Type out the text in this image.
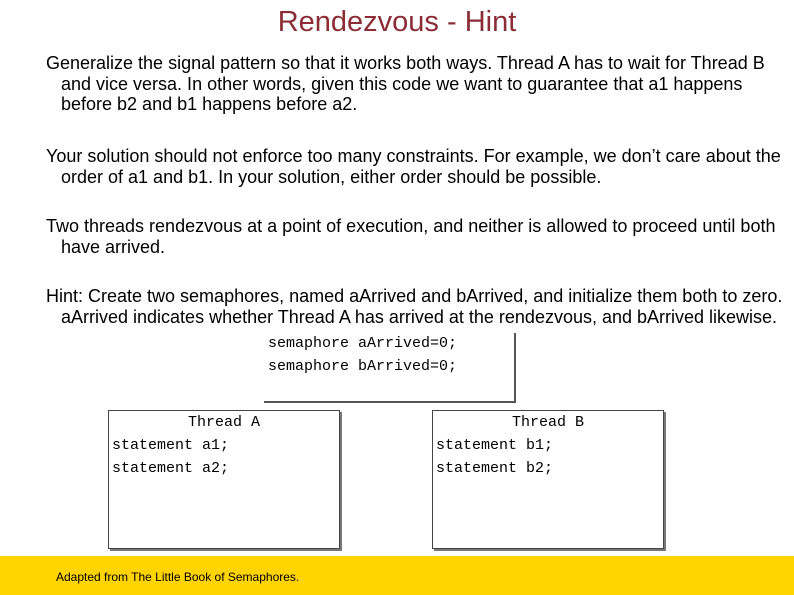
Rendezvous - Hint
Generalize the signal pattern so that it works both ways. Thread A has to wait for Thread B and vice versa. In other words, given this code we want to guarantee that a1 happens before b2 and b1 happens before a2.
Your solution should not enforce too many constraints. For example, we don’t care about the order of a1 and b1. In your solution, either order should be possible.
Two threads rendezvous at a point of execution, and neither is allowed to proceed until both have arrived.
Hint: Create two semaphores, named aArrived and bArrived, and initialize them both to zero. aArrived indicates whether Thread A has arrived at the rendezvous, and bArrived likewise.
semaphore aArrived=0;
semaphore bArrived=0;
Thread A
statement a1;
statement a2;
Thread B
statement b1;
statement b2;
Adapted from The Little Book of Semaphores.
